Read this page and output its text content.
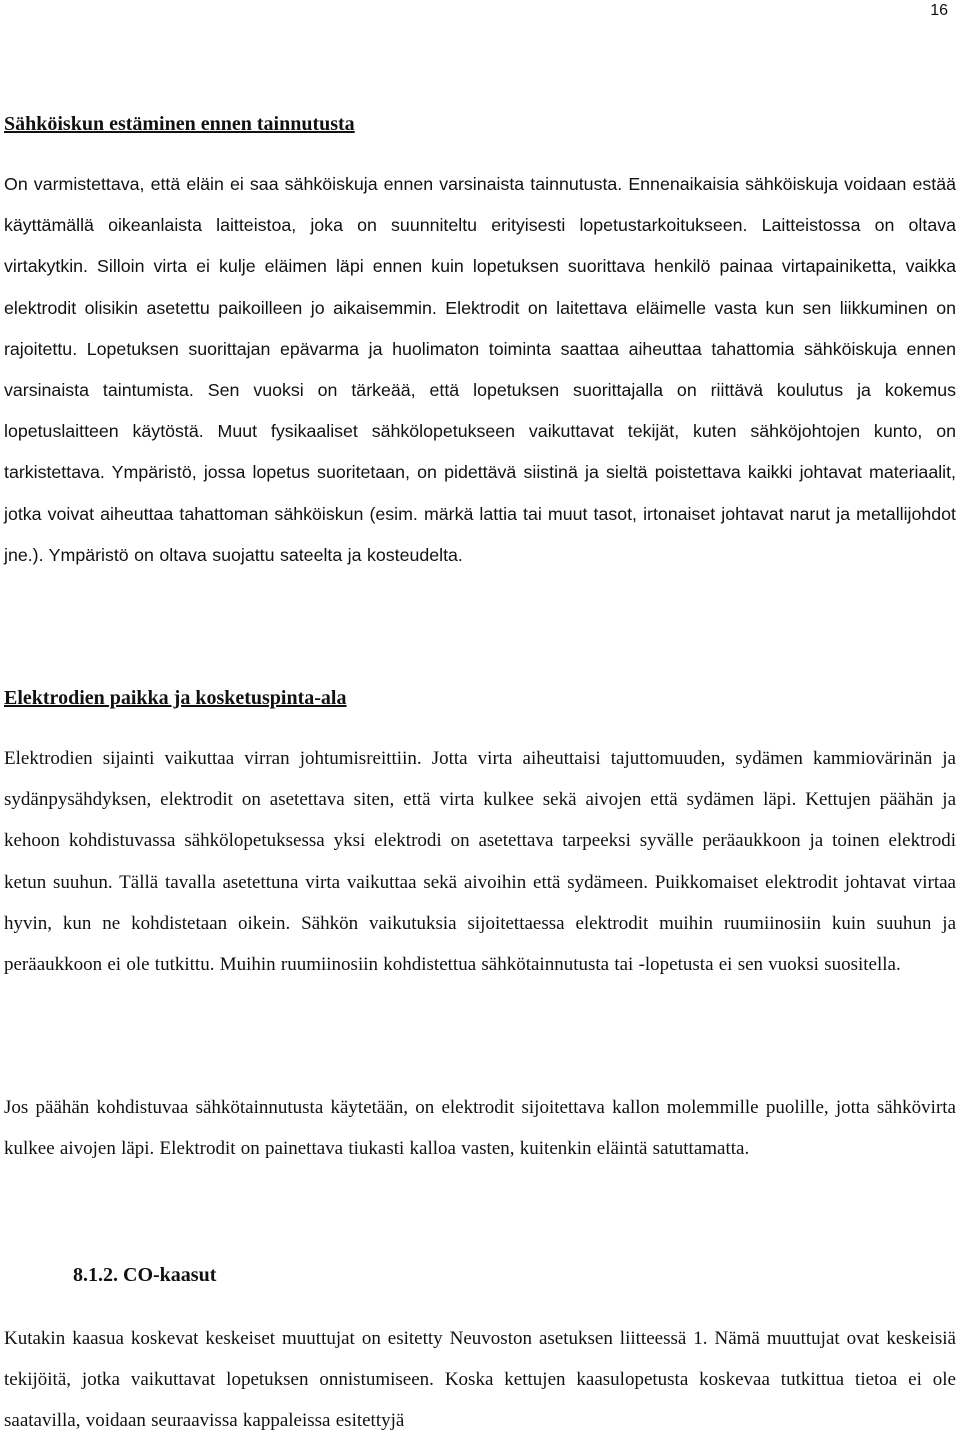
16
Sähköiskun estäminen ennen tainnutusta

On varmistettava, että eläin ei saa sähköiskuja ennen varsinaista tainnutusta. Ennenaikaisia sähköiskuja voidaan estää käyttämällä oikeanlaista laitteistoa, joka on suunniteltu erityisesti lopetustarkoitukseen. Laitteistossa on oltava virtakytkin. Silloin virta ei kulje eläimen läpi ennen kuin lopetuksen suorittava henkilö painaa virtapainiketta, vaikka elektrodit olisikin asetettu paikoilleen jo aikaisemmin. Elektrodit on laitettava eläimelle vasta kun sen liikkuminen on rajoitettu. Lopetuksen suorittajan epävarma ja huolimaton toiminta saattaa aiheuttaa tahattomia sähköiskuja ennen varsinaista taintumista. Sen vuoksi on tärkeää, että lopetuksen suorittajalla on riittävä koulutus ja kokemus lopetuslaitteen käytöstä. Muut fysikaaliset sähkölopetukseen vaikuttavat tekijät, kuten sähköjohtojen kunto, on tarkistettava. Ympäristö, jossa lopetus suoritetaan, on pidettävä siistinä ja sieltä poistettava kaikki johtavat materiaalit, jotka voivat aiheuttaa tahattoman sähköiskun (esim. märkä lattia tai muut tasot, irtonaiset johtavat narut ja metallijohdot jne.). Ympäristö on oltava suojattu sateelta ja kosteudelta.

Elektrodien paikka ja kosketuspinta-ala

Elektrodien sijainti vaikuttaa virran johtumisreittiin. Jotta virta aiheuttaisi tajuttomuuden, sydämen kammiovärinän ja sydänpysähdyksen, elektrodit on asetettava siten, että virta kulkee sekä aivojen että sydämen läpi. Kettujen päähän ja kehoon kohdistuvassa sähkölopetuksessa yksi elektrodi on asetettava tarpeeksi syvälle peräaukkoon ja toinen elektrodi ketun suuhun. Tällä tavalla asetettuna virta vaikuttaa sekä aivoihin että sydämeen. Puikkomaiset elektrodit johtavat virtaa hyvin, kun ne kohdistetaan oikein. Sähkön vaikutuksia sijoitettaessa elektrodit muihin ruumiinosiin kuin suuhun ja peräaukkoon ei ole tutkittu. Muihin ruumiinosiin kohdistettua sähkötainnutusta tai -lopetusta ei sen vuoksi suositella.

Jos päähän kohdistuvaa sähkötainnutusta käytetään, on elektrodit sijoitettava kallon molemmille puolille, jotta sähkövirta kulkee aivojen läpi. Elektrodit on painettava tiukasti kalloa vasten, kuitenkin eläintä satuttamatta.

8.1.2. CO-kaasut

Kutakin kaasua koskevat keskeiset muuttujat on esitetty Neuvoston asetuksen liitteessä 1. Nämä muuttujat ovat keskeisiä tekijöitä, jotka vaikuttavat lopetuksen onnistumiseen. Koska kettujen kaasulopetusta koskevaa tutkittua tietoa ei ole saatavilla, voidaan seuraavissa kappaleissa esitettyjä
